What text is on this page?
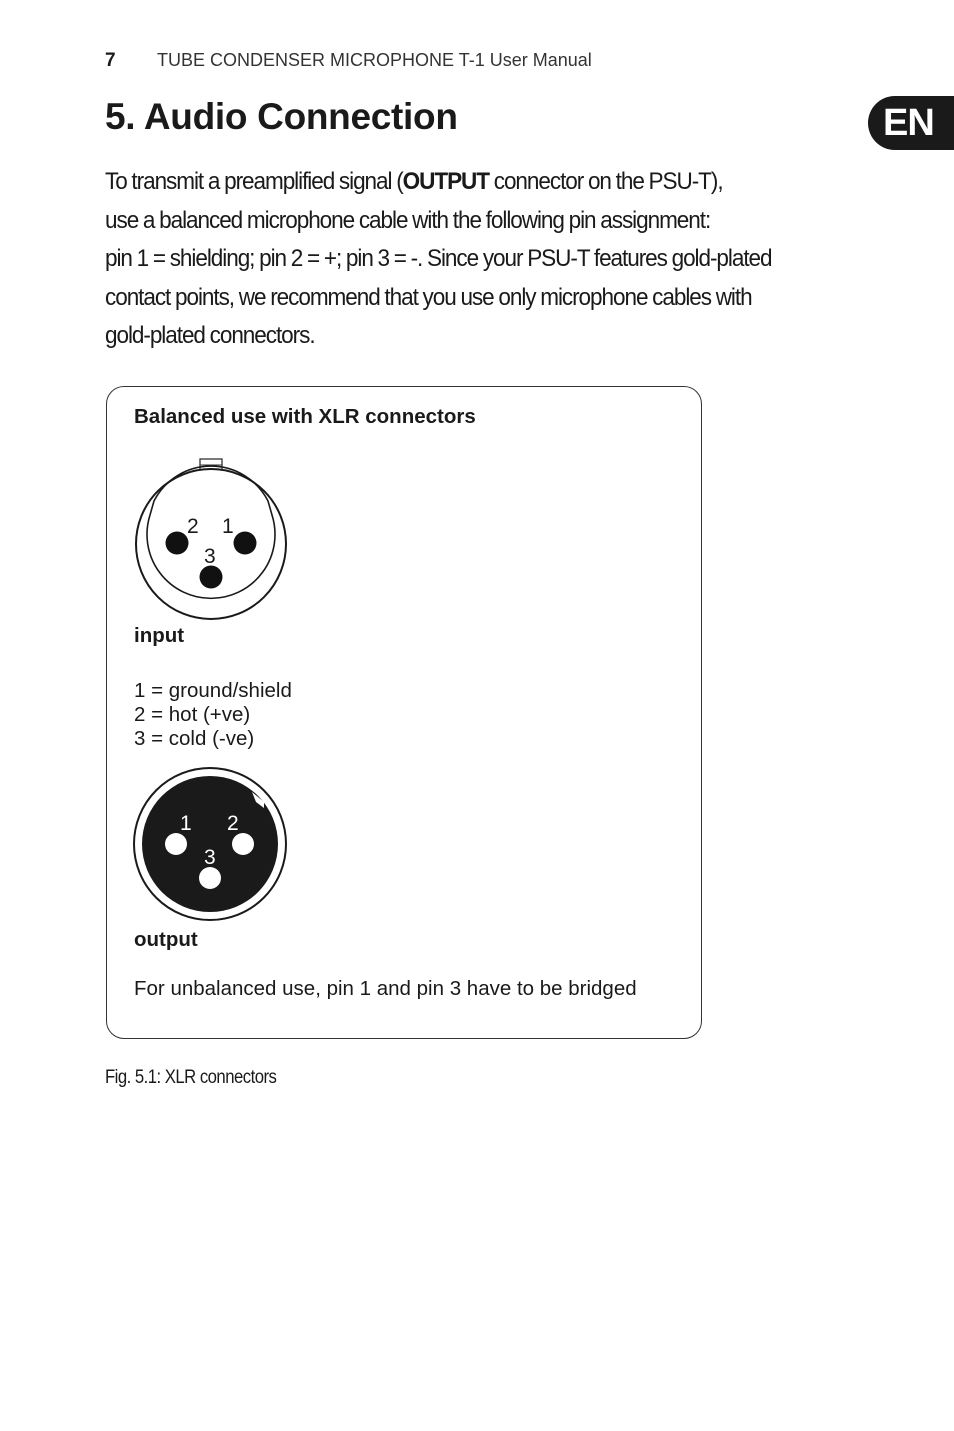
7 TUBE CONDENSER MICROPHONE T-1 User Manual
5. Audio Connection	EN

To transmit a preamplified signal (OUTPUT connector on the PSU-T),
use a balanced microphone cable with the following pin assignment:
pin 1 = shielding; pin 2 = +; pin 3 = -. Since your PSU-T features gold-plated
contact points, we recommend that you use only microphone cables with
gold-plated connectors.

Balanced use with XLR connectors
2 1
3
input
1 = ground/shield
2 = hot (+ve)
3 = cold (-ve)
1 2
3
output
For unbalanced use, pin 1 and pin 3 have to be bridged
Fig. 5.1: XLR connectors
